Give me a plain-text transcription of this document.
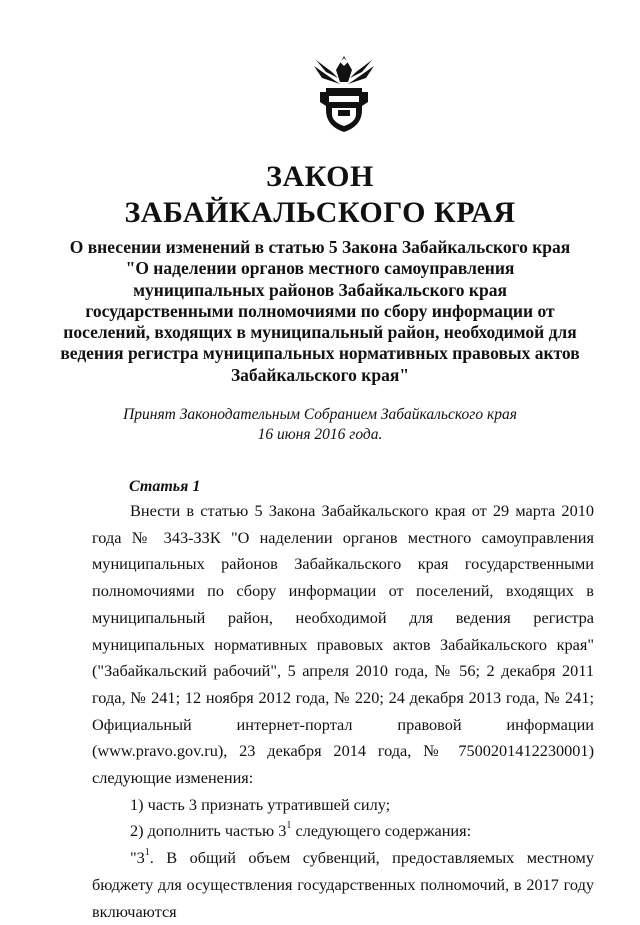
ЗАКОН
ЗАБАЙКАЛЬСКОГО КРАЯ

О внесении изменений в статью 5 Закона Забайкальского края "О наделении органов местного самоуправления муниципальных районов Забайкальского края государственными полномочиями по сбору информации от поселений, входящих в муниципальный район, необходимой для ведения регистра муниципальных нормативных правовых актов Забайкальского края"

Принят Законодательным Собранием Забайкальского края
16 июня 2016 года.
Статья 1

Внести в статью 5 Закона Забайкальского края от 29 марта 2010 года № 343-ЗЗК "О наделении органов местного самоуправления муниципальных районов Забайкальского края государственными полномочиями по сбору информации от поселений, входящих в муниципальный район, необходимой для ведения регистра муниципальных нормативных правовых актов Забайкальского края" ("Забайкальский рабочий", 5 апреля 2010 года, № 56; 2 декабря 2011 года, № 241; 12 ноября 2012 года, № 220; 24 декабря 2013 года, № 241; Официальный интернет-портал правовой информации (www.pravo.gov.ru), 23 декабря 2014 года, № 7500201412230001) следующие изменения:

1) часть 3 признать утратившей силу;

2) дополнить частью $3^1$ следующего содержания:

"$3^1$. В общий объем субвенций, предоставляемых местному бюджету для осуществления государственных полномочий, в 2017 году включаются
